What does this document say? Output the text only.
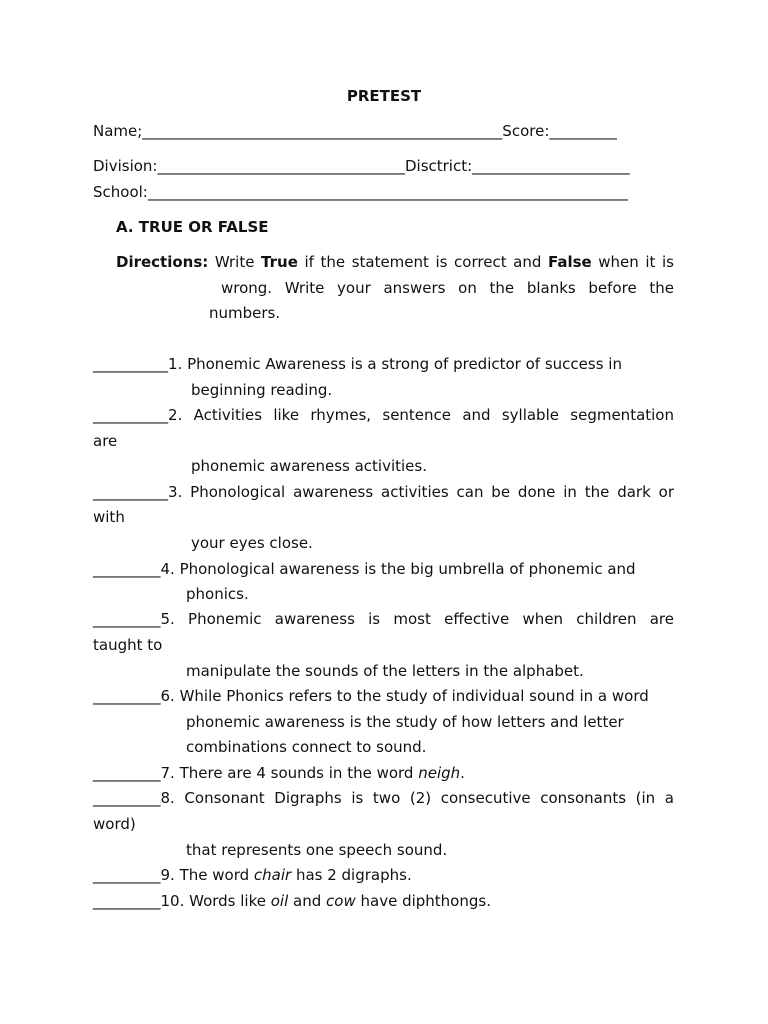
PRETEST
Name;________________________________________________Score:_________
Division:_________________________________Disctrict:_____________________
School:________________________________________________________________
A. TRUE OR FALSE
Directions: Write True if the statement is correct and False when it is
wrong. Write your answers on the blanks before the
numbers.
__________1. Phonemic Awareness is a strong of predictor of success in
beginning reading.
__________2. Activities like rhymes, sentence and syllable segmentation
are
phonemic awareness activities.
__________3. Phonological awareness activities can be done in the dark or
with
your eyes close.
_________4. Phonological awareness is the big umbrella of phonemic and
phonics.
_________5. Phonemic awareness is most effective when children are
taught to
manipulate the sounds of the letters in the alphabet.
_________6. While Phonics refers to the study of individual sound in a word
phonemic awareness is the study of how letters and letter
combinations connect to sound.
_________7. There are 4 sounds in the word neigh.
_________8. Consonant Digraphs is two (2) consecutive consonants (in a
word)
that represents one speech sound.
_________9. The word chair has 2 digraphs.
_________10. Words like oil and cow have diphthongs.
